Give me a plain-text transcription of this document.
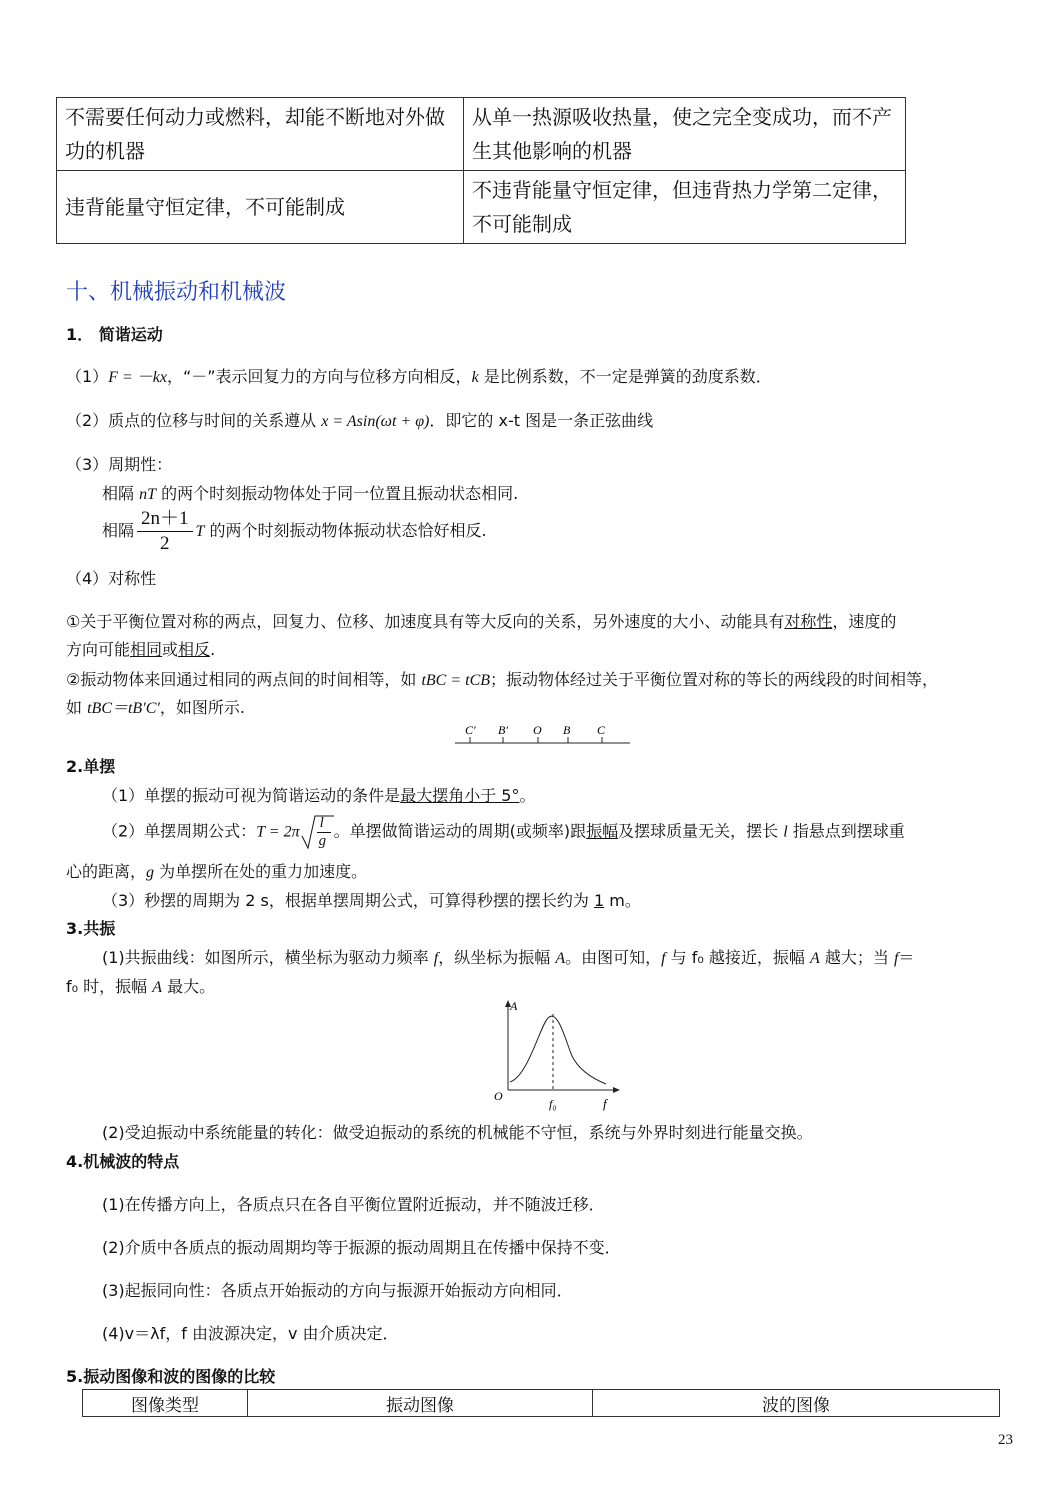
不需要任何动力或燃料，却能不断地对外做功的机器	从单一热源吸收热量，使之完全变成功，而不产生其他影响的机器
违背能量守恒定律，不可能制成	不违背能量守恒定律，但违背热力学第二定律，不可能制成
十、机械振动和机械波
1． 简谐运动
（1）F = －kx，“－”表示回复力的方向与位移方向相反，k 是比例系数，不一定是弹簧的劲度系数．
（2）质点的位移与时间的关系遵从 x = Asin(ωt + φ)．即它的 x-t 图是一条正弦曲线
（3）周期性：
相隔 nT 的两个时刻振动物体处于同一位置且振动状态相同.
相隔 $\frac{2n+1}{2}$ T 的两个时刻振动物体振动状态恰好相反.
（4）对称性
①关于平衡位置对称的两点，回复力、位移、加速度具有等大反向的关系，另外速度的大小、动能具有对称性，速度的
方向可能相同或相反.
②振动物体来回通过相同的两点间的时间相等，如 tBC = tCB；振动物体经过关于平衡位置对称的等长的两线段的时间相等，
如 tBC＝tB′C′，如图所示.
C′ B′ O B C
2.单摆
（1）单摆的振动可视为简谐运动的条件是最大摆角小于 5°。
（2）单摆周期公式：$T = 2\pi \frac{l}{g}$ 。单摆做简谐运动的周期(或频率)跟振幅及摆球质量无关，摆长 l 指悬点到摆球重
心的距离，g 为单摆所在处的重力加速度。
（3）秒摆的周期为 2 s，根据单摆周期公式，可算得秒摆的摆长约为 1 m。
3.共振
(1)共振曲线：如图所示，横坐标为驱动力频率 f，纵坐标为振幅 A。由图可知，f 与 f₀ 越接近，振幅 A 越大；当 f＝
f₀ 时，振幅 A 最大。
A
O
f₀	f
(2)受迫振动中系统能量的转化：做受迫振动的系统的机械能不守恒，系统与外界时刻进行能量交换。
4.机械波的特点
(1)在传播方向上，各质点只在各自平衡位置附近振动，并不随波迁移．
(2)介质中各质点的振动周期均等于振源的振动周期且在传播中保持不变．
(3)起振同向性：各质点开始振动的方向与振源开始振动方向相同．
(4)v＝λf，f 由波源决定，v 由介质决定．
5.振动图像和波的图像的比较
图像类型	振动图像	波的图像
23
